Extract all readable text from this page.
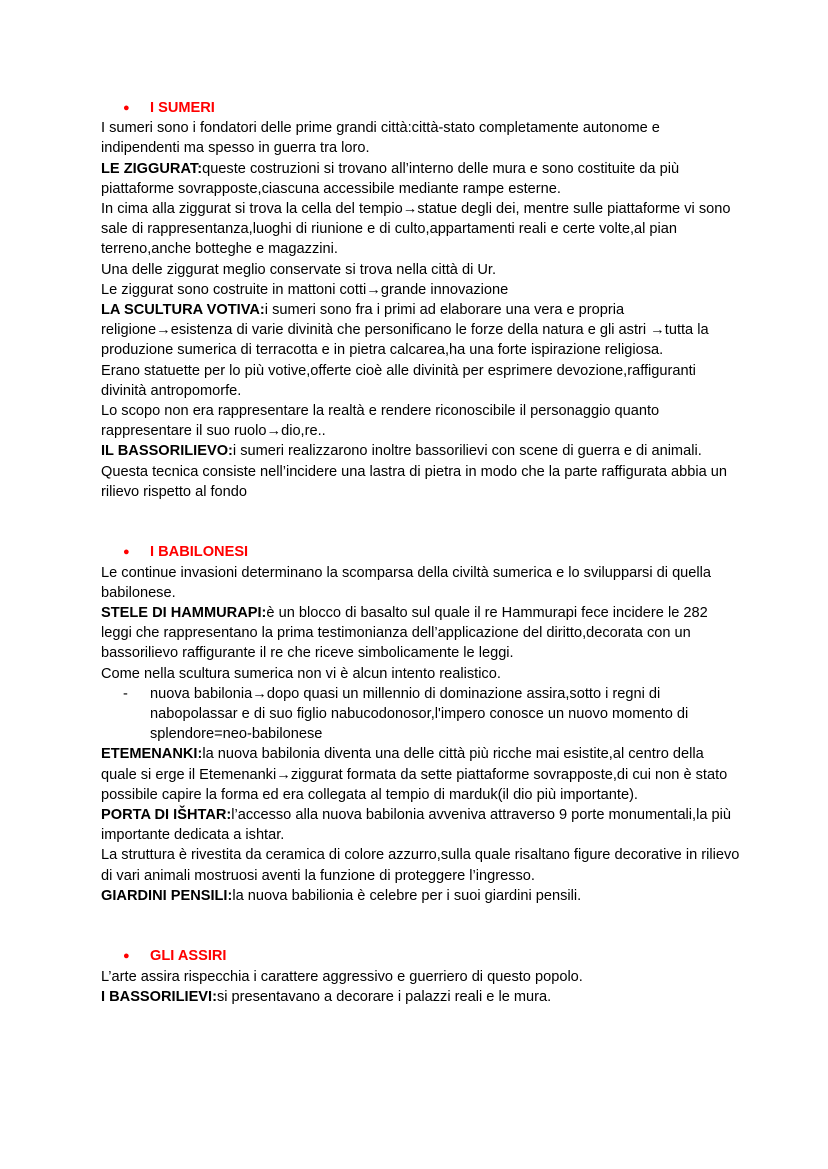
● I SUMERI

I sumeri sono i fondatori delle prime grandi città:città-stato completamente autonome e indipendenti ma spesso in guerra tra loro.

LE ZIGGURAT:queste costruzioni si trovano all’interno delle mura e sono costituite da più piattaforme sovrapposte,ciascuna accessibile mediante rampe esterne.

In cima alla ziggurat si trova la cella del tempio→statue degli dei, mentre sulle piattaforme vi sono sale di rappresentanza,luoghi di riunione e di culto,appartamenti reali e certe volte,al pian terreno,anche botteghe e magazzini.

Una delle ziggurat meglio conservate si trova nella città di Ur.

Le ziggurat sono costruite in mattoni cotti→grande innovazione

LA SCULTURA VOTIVA:i sumeri sono fra i primi ad elaborare una vera e propria religione→esistenza di varie divinità che personificano le forze della natura e gli astri →tutta la produzione sumerica di terracotta e in pietra calcarea,ha una forte ispirazione religiosa.

Erano statuette per lo più votive,offerte cioè alle divinità per esprimere devozione,raffiguranti divinità antropomorfe.

Lo scopo non era rappresentare la realtà e rendere riconoscibile il personaggio quanto rappresentare il suo ruolo→dio,re..

IL BASSORILIEVO:i sumeri realizzarono inoltre bassorilievi con scene di guerra e di animali.

Questa tecnica consiste nell’incidere una lastra di pietra in modo che la parte raffigurata abbia un rilievo rispetto al fondo

● I BABILONESI

Le continue invasioni determinano la scomparsa della civiltà sumerica e lo svilupparsi di quella babilonese.

STELE DI HAMMURAPI:è un blocco di basalto sul quale il re Hammurapi fece incidere le 282 leggi che rappresentano la prima testimonianza dell’applicazione del diritto,decorata con un bassorilievo raffigurante il re che riceve simbolicamente le leggi.

Come nella scultura sumerica non vi è alcun intento realistico.

- nuova babilonia→dopo quasi un millennio di dominazione assira,sotto i regni di nabopolassar e di suo figlio nabucodonosor,l'impero conosce un nuovo momento di splendore=neo-babilonese

ETEMENANKI:la nuova babilonia diventa una delle città più ricche mai esistite,al centro della quale si erge il Etemenanki→ziggurat formata da sette piattaforme sovrapposte,di cui non è stato possibile capire la forma ed era collegata al tempio di marduk(il dio più importante).

PORTA DI IŠHTAR:l’accesso alla nuova babilonia avveniva attraverso 9 porte monumentali,la più importante dedicata a ishtar.

La struttura è rivestita da ceramica di colore azzurro,sulla quale risaltano figure decorative in rilievo di vari animali mostruosi aventi la funzione di proteggere l’ingresso.

GIARDINI PENSILI:la nuova babilionia è celebre per i suoi giardini pensili.

● GLI ASSIRI

L’arte assira rispecchia i carattere aggressivo e guerriero di questo popolo.

I BASSORILIEVI:si presentavano a decorare i palazzi reali e le mura.
